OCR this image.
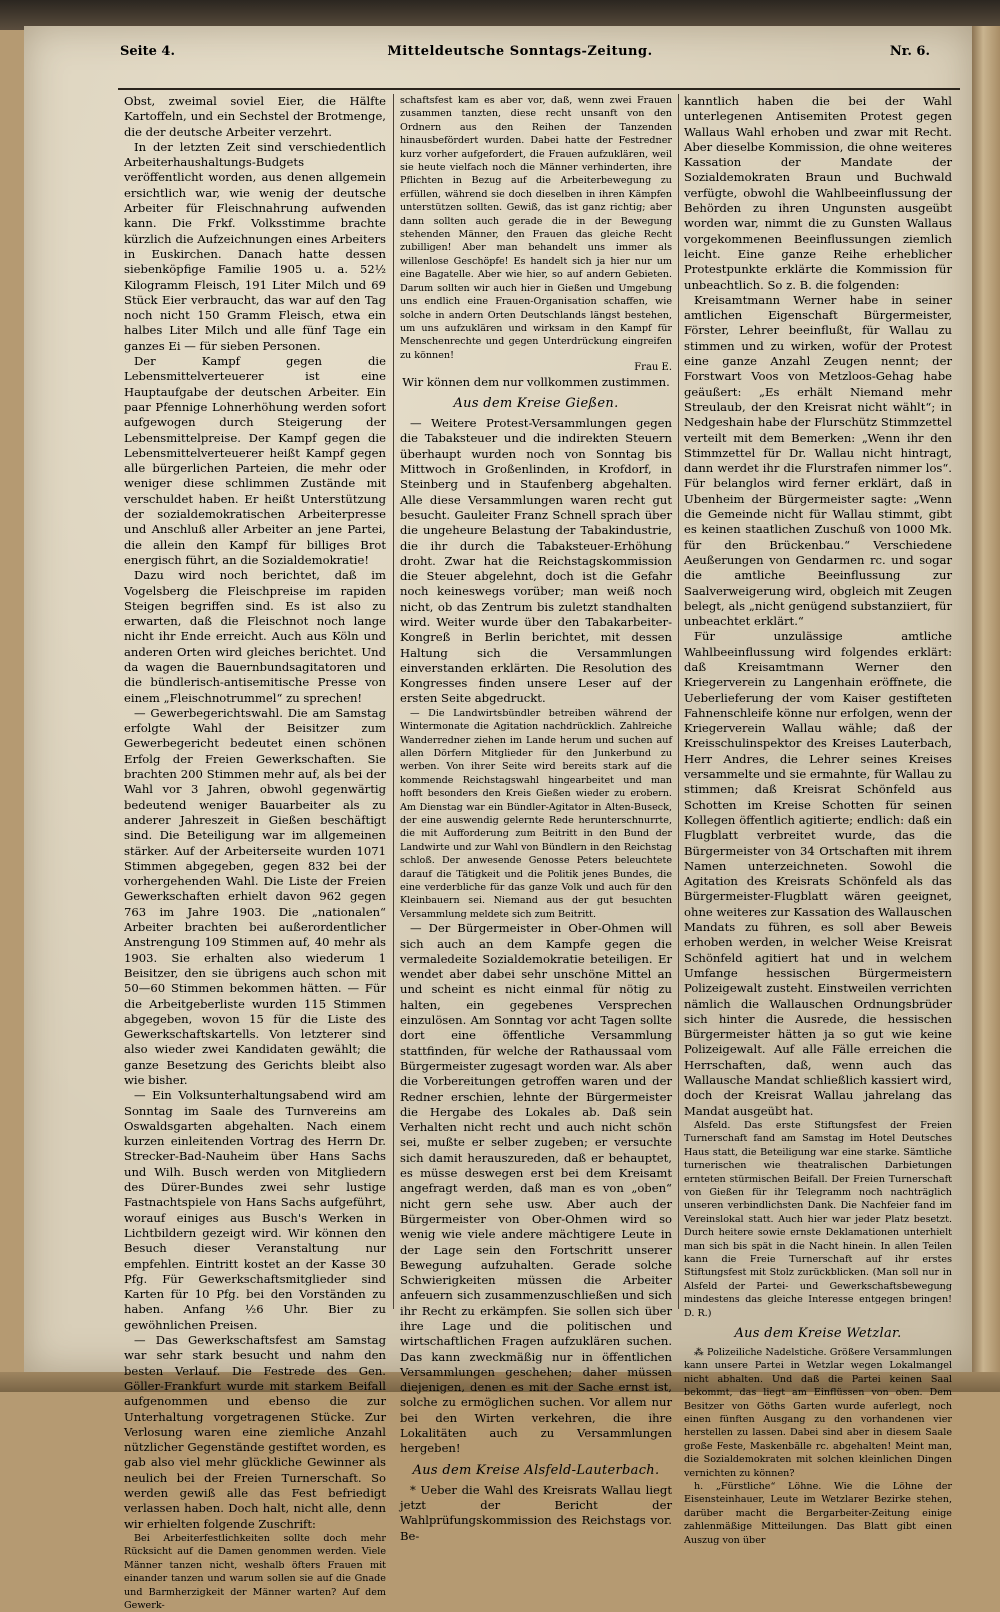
Seite 4.	Mitteldeutsche Sonntags-Zeitung.	Nr. 6.

Obst, zweimal soviel Eier, die Hälfte Kartoffeln, und ein Sechstel der Brotmenge, die der deutsche Arbeiter verzehrt.

In der letzten Zeit sind verschiedentlich Arbeiterhaushaltungs-Budgets veröffentlicht worden, aus denen allgemein ersichtlich war, wie wenig der deutsche Arbeiter für Fleischnahrung aufwenden kann. Die Frkf. Volksstimme brachte kürzlich die Aufzeichnungen eines Arbeiters in Euskirchen. Danach hatte dessen siebenköpfige Familie 1905 u. a. 52½ Kilogramm Fleisch, 191 Liter Milch und 69 Stück Eier verbraucht, das war auf den Tag noch nicht 150 Gramm Fleisch, etwa ein halbes Liter Milch und alle fünf Tage ein ganzes Ei — für sieben Personen.

Der Kampf gegen die Lebensmittelverteuerer ist eine Hauptaufgabe der deutschen Arbeiter. Ein paar Pfennige Lohnerhöhung werden sofort aufgewogen durch Steigerung der Lebensmittelpreise. Der Kampf gegen die Lebensmittelverteuerer heißt Kampf gegen alle bürgerlichen Parteien, die mehr oder weniger diese schlimmen Zustände mit verschuldet haben. Er heißt Unterstützung der sozialdemokratischen Arbeiterpresse und Anschluß aller Arbeiter an jene Partei, die allein den Kampf für billiges Brot energisch führt, an die Sozialdemokratie!

Dazu wird noch berichtet, daß im Vogelsberg die Fleischpreise im rapiden Steigen begriffen sind. Es ist also zu erwarten, daß die Fleischnot noch lange nicht ihr Ende erreicht. Auch aus Köln und anderen Orten wird gleiches berichtet. Und da wagen die Bauernbundsagitatoren und die bündlerisch-antisemitische Presse von einem „Fleischnotrummel“ zu sprechen!

— Gewerbegerichtswahl. Die am Samstag erfolgte Wahl der Beisitzer zum Gewerbegericht bedeutet einen schönen Erfolg der Freien Gewerkschaften. Sie brachten 200 Stimmen mehr auf, als bei der Wahl vor 3 Jahren, obwohl gegenwärtig bedeutend weniger Bauarbeiter als zu anderer Jahreszeit in Gießen beschäftigt sind. Die Beteiligung war im allgemeinen stärker. Auf der Arbeiterseite wurden 1071 Stimmen abgegeben, gegen 832 bei der vorhergehenden Wahl. Die Liste der Freien Gewerkschaften erhielt davon 962 gegen 763 im Jahre 1903. Die „nationalen“ Arbeiter brachten bei außerordentlicher Anstrengung 109 Stimmen auf, 40 mehr als 1903. Sie erhalten also wiederum 1 Beisitzer, den sie übrigens auch schon mit 50—60 Stimmen bekommen hätten. — Für die Arbeitgeberliste wurden 115 Stimmen abgegeben, wovon 15 für die Liste des Gewerkschaftskartells. Von letzterer sind also wieder zwei Kandidaten gewählt; die ganze Besetzung des Gerichts bleibt also wie bisher.

— Ein Volksunterhaltungsabend wird am Sonntag im Saale des Turnvereins am Oswaldsgarten abgehalten. Nach einem kurzen einleitenden Vortrag des Herrn Dr. Strecker-Bad-Nauheim über Hans Sachs und Wilh. Busch werden von Mitgliedern des Dürer-Bundes zwei sehr lustige Fastnachtspiele von Hans Sachs aufgeführt, worauf einiges aus Busch's Werken in Lichtbildern gezeigt wird. Wir können den Besuch dieser Veranstaltung nur empfehlen. Eintritt kostet an der Kasse 30 Pfg. Für Gewerkschaftsmitglieder sind Karten für 10 Pfg. bei den Vorständen zu haben. Anfang ½6 Uhr. Bier zu gewöhnlichen Preisen.

— Das Gewerkschaftsfest am Samstag war sehr stark besucht und nahm den besten Verlauf. Die Festrede des Gen. Göller-Frankfurt wurde mit starkem Beifall aufgenommen und ebenso die zur Unterhaltung vorgetragenen Stücke. Zur Verlosung waren eine ziemliche Anzahl nützlicher Gegenstände gestiftet worden, es gab also viel mehr glückliche Gewinner als neulich bei der Freien Turnerschaft. So werden gewiß alle das Fest befriedigt verlassen haben. Doch halt, nicht alle, denn wir erhielten folgende Zuschrift:

Bei Arbeiterfestlichkeiten sollte doch mehr Rücksicht auf die Damen genommen werden. Viele Männer tanzen nicht, weshalb öfters Frauen mit einander tanzen und warum sollen sie auf die Gnade und Barmherzigkeit der Männer warten? Auf dem Gewerk-

schaftsfest kam es aber vor, daß, wenn zwei Frauen zusammen tanzten, diese recht unsanft von den Ordnern aus den Reihen der Tanzenden hinausbefördert wurden. Dabei hatte der Festredner kurz vorher aufgefordert, die Frauen aufzuklären, weil sie heute vielfach noch die Männer verhinderten, ihre Pflichten in Bezug auf die Arbeiterbewegung zu erfüllen, während sie doch dieselben in ihren Kämpfen unterstützen sollten. Gewiß, das ist ganz richtig; aber dann sollten auch gerade die in der Bewegung stehenden Männer, den Frauen das gleiche Recht zubilligen! Aber man behandelt uns immer als willenlose Geschöpfe! Es handelt sich ja hier nur um eine Bagatelle. Aber wie hier, so auf andern Gebieten. Darum sollten wir auch hier in Gießen und Umgebung uns endlich eine Frauen-Organisation schaffen, wie solche in andern Orten Deutschlands längst bestehen, um uns aufzuklären und wirksam in den Kampf für Menschenrechte und gegen Unterdrückung eingreifen zu können!

Frau E.
Wir können dem nur vollkommen zustimmen.
Aus dem Kreise Gießen.

— Weitere Protest-Versammlungen gegen die Tabaksteuer und die indirekten Steuern überhaupt wurden noch von Sonntag bis Mittwoch in Großenlinden, in Krofdorf, in Steinberg und in Staufenberg abgehalten. Alle diese Versammlungen waren recht gut besucht. Gauleiter Franz Schnell sprach über die ungeheure Belastung der Tabakindustrie, die ihr durch die Tabaksteuer-Erhöhung droht. Zwar hat die Reichstagskommission die Steuer abgelehnt, doch ist die Gefahr noch keineswegs vorüber; man weiß noch nicht, ob das Zentrum bis zuletzt standhalten wird. Weiter wurde über den Tabakarbeiter-Kongreß in Berlin berichtet, mit dessen Haltung sich die Versammlungen einverstanden erklärten. Die Resolution des Kongresses finden unsere Leser auf der ersten Seite abgedruckt.

— Die Landwirtsbündler betreiben während der Wintermonate die Agitation nachdrücklich. Zahlreiche Wanderredner ziehen im Lande herum und suchen auf allen Dörfern Mitglieder für den Junkerbund zu werben. Von ihrer Seite wird bereits stark auf die kommende Reichstagswahl hingearbeitet und man hofft besonders den Kreis Gießen wieder zu erobern. Am Dienstag war ein Bündler-Agitator in Alten-Buseck, der eine auswendig gelernte Rede herunterschnurrte, die mit Aufforderung zum Beitritt in den Bund der Landwirte und zur Wahl von Bündlern in den Reichstag schloß. Der anwesende Genosse Peters beleuchtete darauf die Tätigkeit und die Politik jenes Bundes, die eine verderbliche für das ganze Volk und auch für den Kleinbauern sei. Niemand aus der gut besuchten Versammlung meldete sich zum Beitritt.

— Der Bürgermeister in Ober-Ohmen will sich auch an dem Kampfe gegen die vermaledeite Sozialdemokratie beteiligen. Er wendet aber dabei sehr unschöne Mittel an und scheint es nicht einmal für nötig zu halten, ein gegebenes Versprechen einzulösen. Am Sonntag vor acht Tagen sollte dort eine öffentliche Versammlung stattfinden, für welche der Rathaussaal vom Bürgermeister zugesagt worden war. Als aber die Vorbereitungen getroffen waren und der Redner erschien, lehnte der Bürgermeister die Hergabe des Lokales ab. Daß sein Verhalten nicht recht und auch nicht schön sei, mußte er selber zugeben; er versuchte sich damit herauszureden, daß er behauptet, es müsse deswegen erst bei dem Kreisamt angefragt werden, daß man es von „oben“ nicht gern sehe usw. Aber auch der Bürgermeister von Ober-Ohmen wird so wenig wie viele andere mächtigere Leute in der Lage sein den Fortschritt unserer Bewegung aufzuhalten. Gerade solche Schwierigkeiten müssen die Arbeiter anfeuern sich zusammenzuschließen und sich ihr Recht zu erkämpfen. Sie sollen sich über ihre Lage und die politischen und wirtschaftlichen Fragen aufzuklären suchen. Das kann zweckmäßig nur in öffentlichen Versammlungen geschehen; daher müssen diejenigen, denen es mit der Sache ernst ist, solche zu ermöglichen suchen. Vor allem nur bei den Wirten verkehren, die ihre Lokalitäten auch zu Versammlungen hergeben!

Aus dem Kreise Alsfeld-Lauterbach.

* Ueber die Wahl des Kreisrats Wallau liegt jetzt der Bericht der Wahlprüfungskommission des Reichstags vor. Be-

kanntlich haben die bei der Wahl unterlegenen Antisemiten Protest gegen Wallaus Wahl erhoben und zwar mit Recht. Aber dieselbe Kommission, die ohne weiteres Kassation der Mandate der Sozialdemokraten Braun und Buchwald verfügte, obwohl die Wahlbeeinflussung der Behörden zu ihren Ungunsten ausgeübt worden war, nimmt die zu Gunsten Wallaus vorgekommenen Beeinflussungen ziemlich leicht. Eine ganze Reihe erheblicher Protestpunkte erklärte die Kommission für unbeachtlich. So z. B. die folgenden:

Kreisamtmann Werner habe in seiner amtlichen Eigenschaft Bürgermeister, Förster, Lehrer beeinflußt, für Wallau zu stimmen und zu wirken, wofür der Protest eine ganze Anzahl Zeugen nennt; der Forstwart Voos von Metzloos-Gehag habe geäußert: „Es erhält Niemand mehr Streulaub, der den Kreisrat nicht wählt“; in Nedgeshain habe der Flurschütz Stimmzettel verteilt mit dem Bemerken: „Wenn ihr den Stimmzettel für Dr. Wallau nicht hintragt, dann werdet ihr die Flurstrafen nimmer los“. Für belanglos wird ferner erklärt, daß in Ubenheim der Bürgermeister sagte: „Wenn die Gemeinde nicht für Wallau stimmt, gibt es keinen staatlichen Zuschuß von 1000 Mk. für den Brückenbau.“ Verschiedene Aeußerungen von Gendarmen rc. und sogar die amtliche Beeinflussung zur Saalverweigerung wird, obgleich mit Zeugen belegt, als „nicht genügend substanziiert, für unbeachtet erklärt.“

Für unzulässige amtliche Wahlbeeinflussung wird folgendes erklärt: daß Kreisamtmann Werner den Kriegerverein zu Langenhain eröffnete, die Ueberlieferung der vom Kaiser gestifteten Fahnenschleife könne nur erfolgen, wenn der Kriegerverein Wallau wähle; daß der Kreisschulinspektor des Kreises Lauterbach, Herr Andres, die Lehrer seines Kreises versammelte und sie ermahnte, für Wallau zu stimmen; daß Kreisrat Schönfeld aus Schotten im Kreise Schotten für seinen Kollegen öffentlich agitierte; endlich: daß ein Flugblatt verbreitet wurde, das die Bürgermeister von 34 Ortschaften mit ihrem Namen unterzeichneten. Sowohl die Agitation des Kreisrats Schönfeld als das Bürgermeister-Flugblatt wären geeignet, ohne weiteres zur Kassation des Wallauschen Mandats zu führen, es soll aber Beweis erhoben werden, in welcher Weise Kreisrat Schönfeld agitiert hat und in welchem Umfange hessischen Bürgermeistern Polizeigewalt zusteht. Einstweilen verrichten nämlich die Wallauschen Ordnungsbrüder sich hinter die Ausrede, die hessischen Bürgermeister hätten ja so gut wie keine Polizeigewalt. Auf alle Fälle erreichen die Herrschaften, daß, wenn auch das Wallausche Mandat schließlich kassiert wird, doch der Kreisrat Wallau jahrelang das Mandat ausgeübt hat.

Alsfeld. Das erste Stiftungsfest der Freien Turnerschaft fand am Samstag im Hotel Deutsches Haus statt, die Beteiligung war eine starke. Sämtliche turnerischen wie theatralischen Darbietungen ernteten stürmischen Beifall. Der Freien Turnerschaft von Gießen für ihr Telegramm noch nachträglich unseren verbindlichsten Dank. Die Nachfeier fand im Vereinslokal statt. Auch hier war jeder Platz besetzt. Durch heitere sowie ernste Deklamationen unterhielt man sich bis spät in die Nacht hinein. In allen Teilen kann die Freie Turnerschaft auf ihr erstes Stiftungsfest mit Stolz zurückblicken. (Man soll nur in Alsfeld der Partei- und Gewerkschaftsbewegung mindestens das gleiche Interesse entgegen bringen! D. R.)

Aus dem Kreise Wetzlar.

⁂ Polizeiliche Nadelstiche. Größere Versammlungen kann unsere Partei in Wetzlar wegen Lokalmangel nicht abhalten. Und daß die Partei keinen Saal bekommt, das liegt am Einflüssen von oben. Dem Besitzer von Göths Garten wurde auferlegt, noch einen fünften Ausgang zu den vorhandenen vier herstellen zu lassen. Dabei sind aber in diesem Saale große Feste, Maskenbälle rc. abgehalten! Meint man, die Sozialdemokraten mit solchen kleinlichen Dingen vernichten zu können?

h. „Fürstliche“ Löhne. Wie die Löhne der Eisensteinhauer, Leute im Wetzlarer Bezirke stehen, darüber macht die Bergarbeiter-Zeitung einige zahlenmäßige Mitteilungen. Das Blatt gibt einen Auszug von über
